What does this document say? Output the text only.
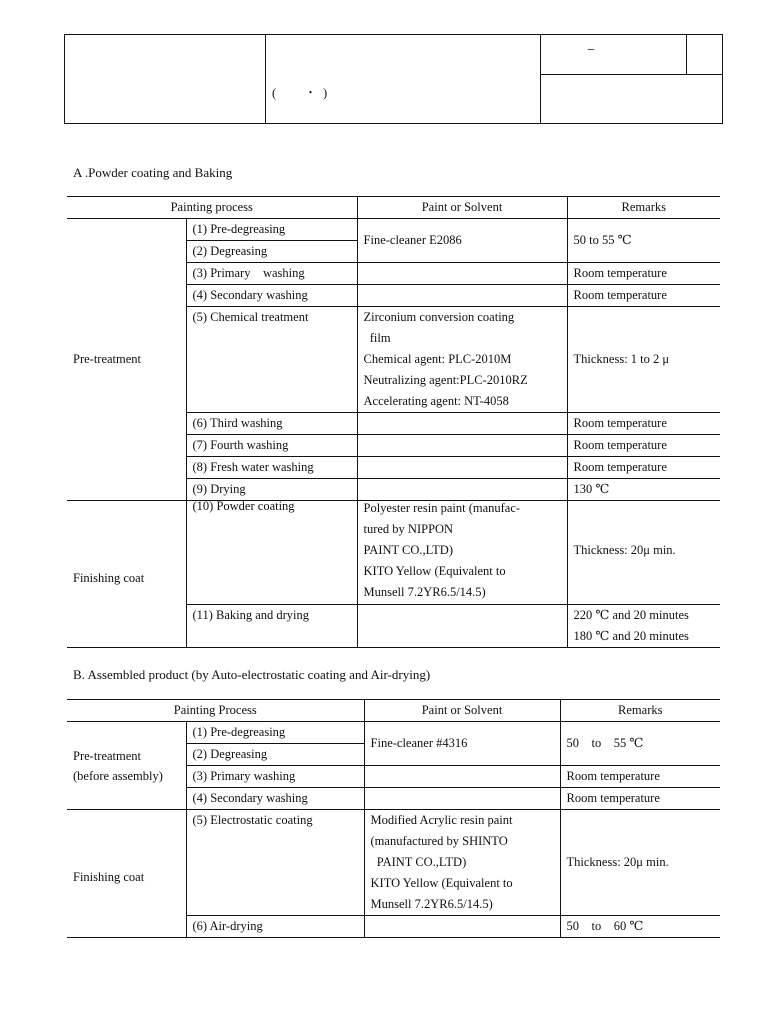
−
(         ・  )
A .Powder coating and Baking
Painting process		Paint or Solvent	Remarks
Pre-treatment	(1) Pre-degreasing	Fine-cleaner E2086	50 to 55 ℃
	(2) Degreasing		
	(3) Primary　washing		Room temperature
	(4) Secondary washing		Room temperature
	(5) Chemical treatment	Zirconium conversion coating
film
Chemical agent: PLC-2010M
Neutralizing agent:PLC-2010RZ
Accelerating agent: NT-4058	Thickness: 1 to 2 μ
	(6) Third washing		Room temperature
	(7) Fourth washing		Room temperature
	(8) Fresh water washing		Room temperature
	(9) Drying		130 ℃
Finishing coat	(10) Powder coating	Polyester resin paint (manufac-
tured by NIPPON
PAINT CO.,LTD)
KITO Yellow (Equivalent to
Munsell 7.2YR6.5/14.5)	Thickness: 20μ min.
	(11) Baking and drying		220 ℃ and 20 minutes
180 ℃ and 20 minutes
B. Assembled product (by Auto-electrostatic coating and Air-drying)
Painting Process		Paint or Solvent	Remarks

Pre-treatment
(before assembly)	(1) Pre-degreasing	Fine-cleaner #4316	50　to　55 ℃
	(2) Degreasing		
	(3) Primary washing		Room temperature
	(4) Secondary washing		Room temperature
Finishing coat	(5) Electrostatic coating	Modified Acrylic resin paint
(manufactured by SHINTO
PAINT CO.,LTD)
KITO Yellow (Equivalent to
Munsell 7.2YR6.5/14.5)	Thickness: 20μ min.
	(6) Air-drying		50　to　60 ℃
